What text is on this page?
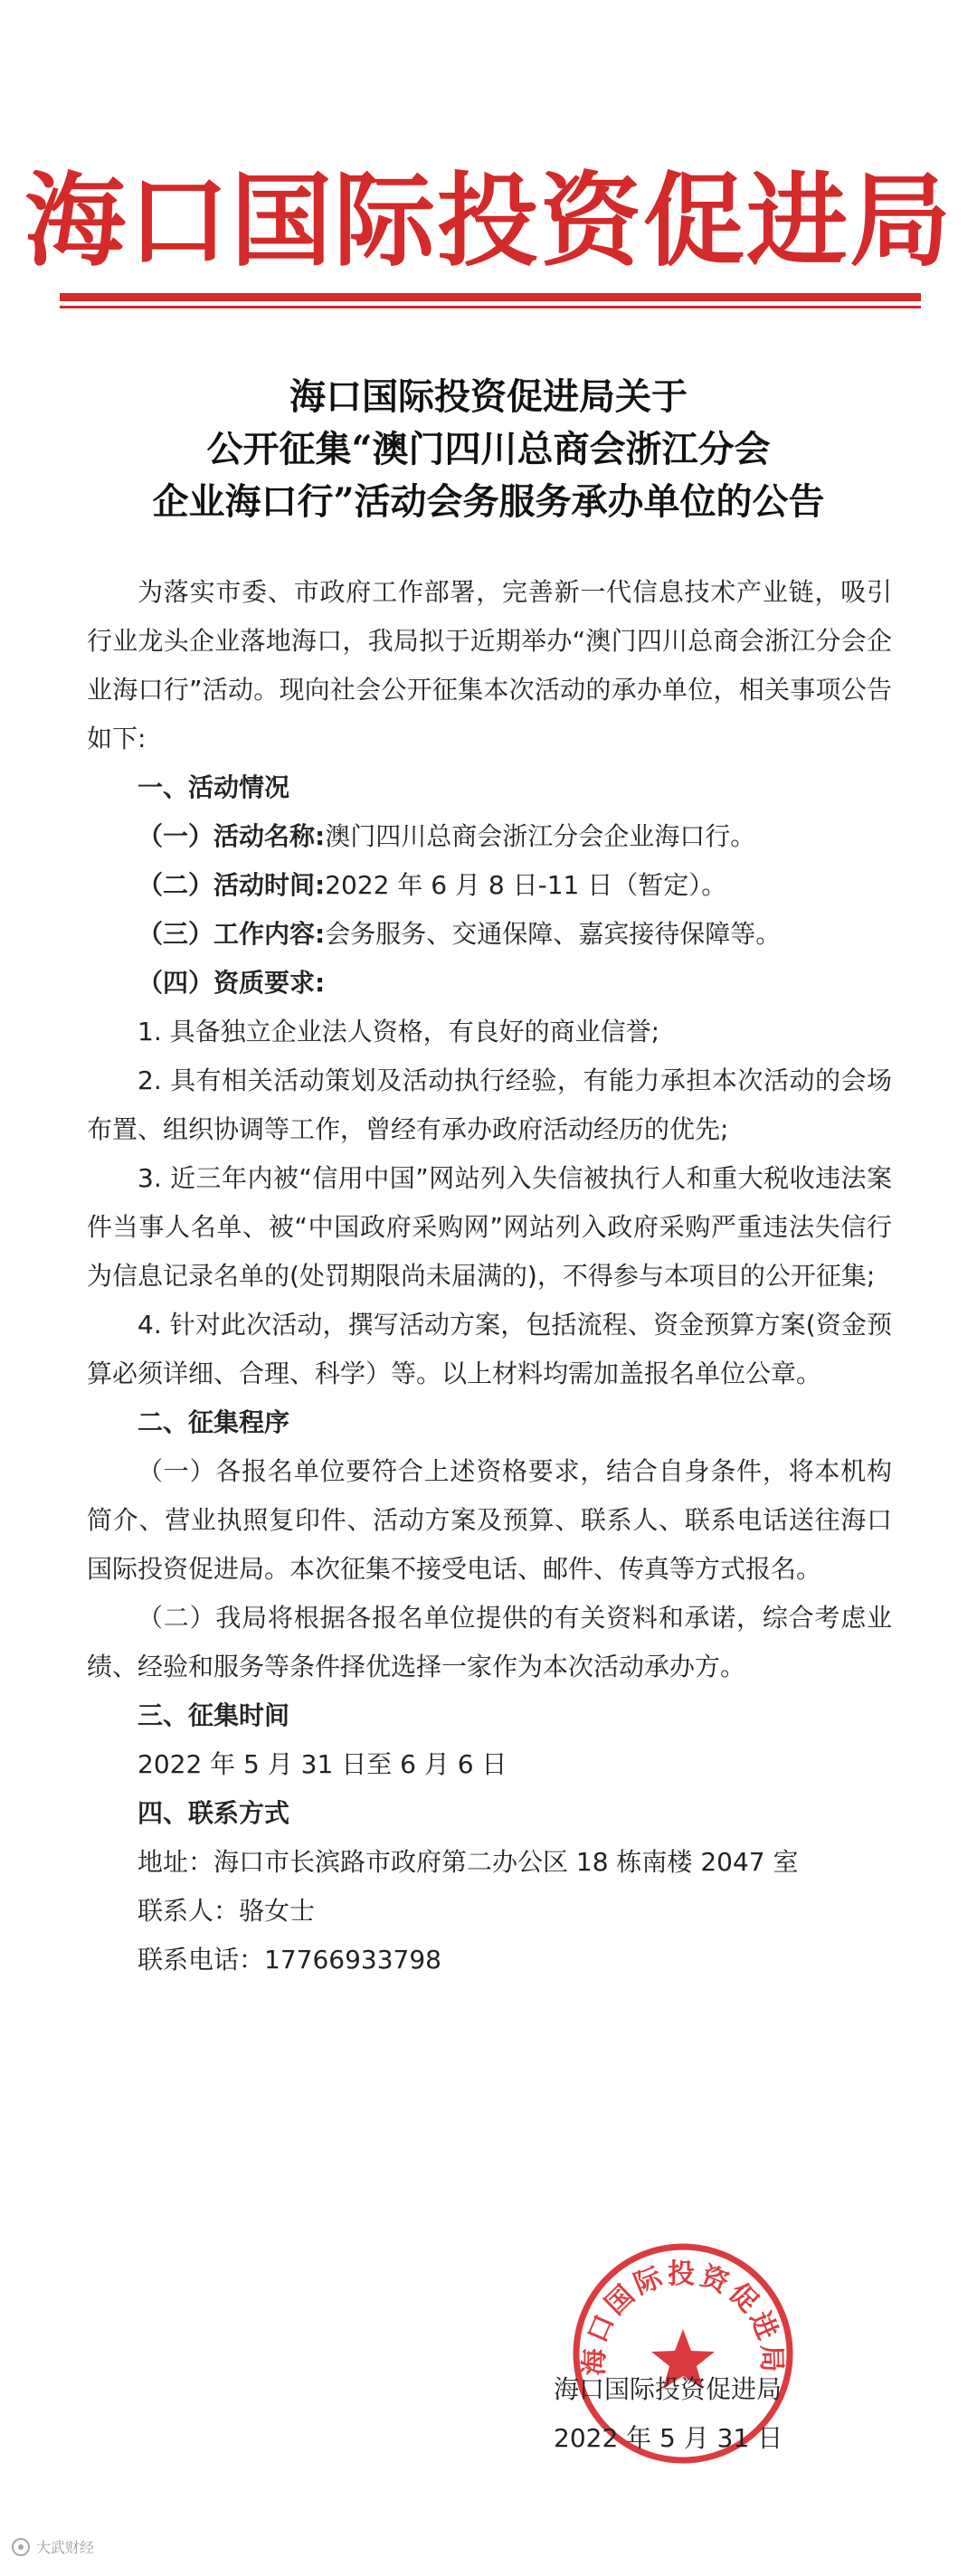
海口国际投资促进局
海口国际投资促进局关于
公开征集“澳门四川总商会浙江分会
企业海口行”活动会务服务承办单位的公告

为落实市委、市政府工作部署，完善新一代信息技术产业链，吸引行业龙头企业落地海口，我局拟于近期举办“澳门四川总商会浙江分会企业海口行”活动。现向社会公开征集本次活动的承办单位，相关事项公告如下:

一、活动情况

（一）活动名称:澳门四川总商会浙江分会企业海口行。

（二）活动时间:2022 年 6 月 8 日-11 日（暂定）。

（三）工作内容:会务服务、交通保障、嘉宾接待保障等。

（四）资质要求:

1. 具备独立企业法人资格，有良好的商业信誉;

2. 具有相关活动策划及活动执行经验，有能力承担本次活动的会场布置、组织协调等工作，曾经有承办政府活动经历的优先;

3. 近三年内被“信用中国”网站列入失信被执行人和重大税收违法案件当事人名单、被“中国政府采购网”网站列入政府采购严重违法失信行为信息记录名单的(处罚期限尚未届满的)，不得参与本项目的公开征集;

4. 针对此次活动，撰写活动方案，包括流程、资金预算方案(资金预算必须详细、合理、科学）等。以上材料均需加盖报名单位公章。

二、征集程序

（一）各报名单位要符合上述资格要求，结合自身条件，将本机构简介、营业执照复印件、活动方案及预算、联系人、联系电话送往海口国际投资促进局。本次征集不接受电话、邮件、传真等方式报名。

（二）我局将根据各报名单位提供的有关资料和承诺，综合考虑业绩、经验和服务等条件择优选择一家作为本次活动承办方。

三、征集时间

2022 年 5 月 31 日至 6 月 6 日

四、联系方式

地址：海口市长滨路市政府第二办公区 18 栋南楼 2047 室

联系人：骆女士

联系电话：17766933798

海口国际投资促进局
海口国际投资促进局
2022 年 5 月 31 日
大武财经
